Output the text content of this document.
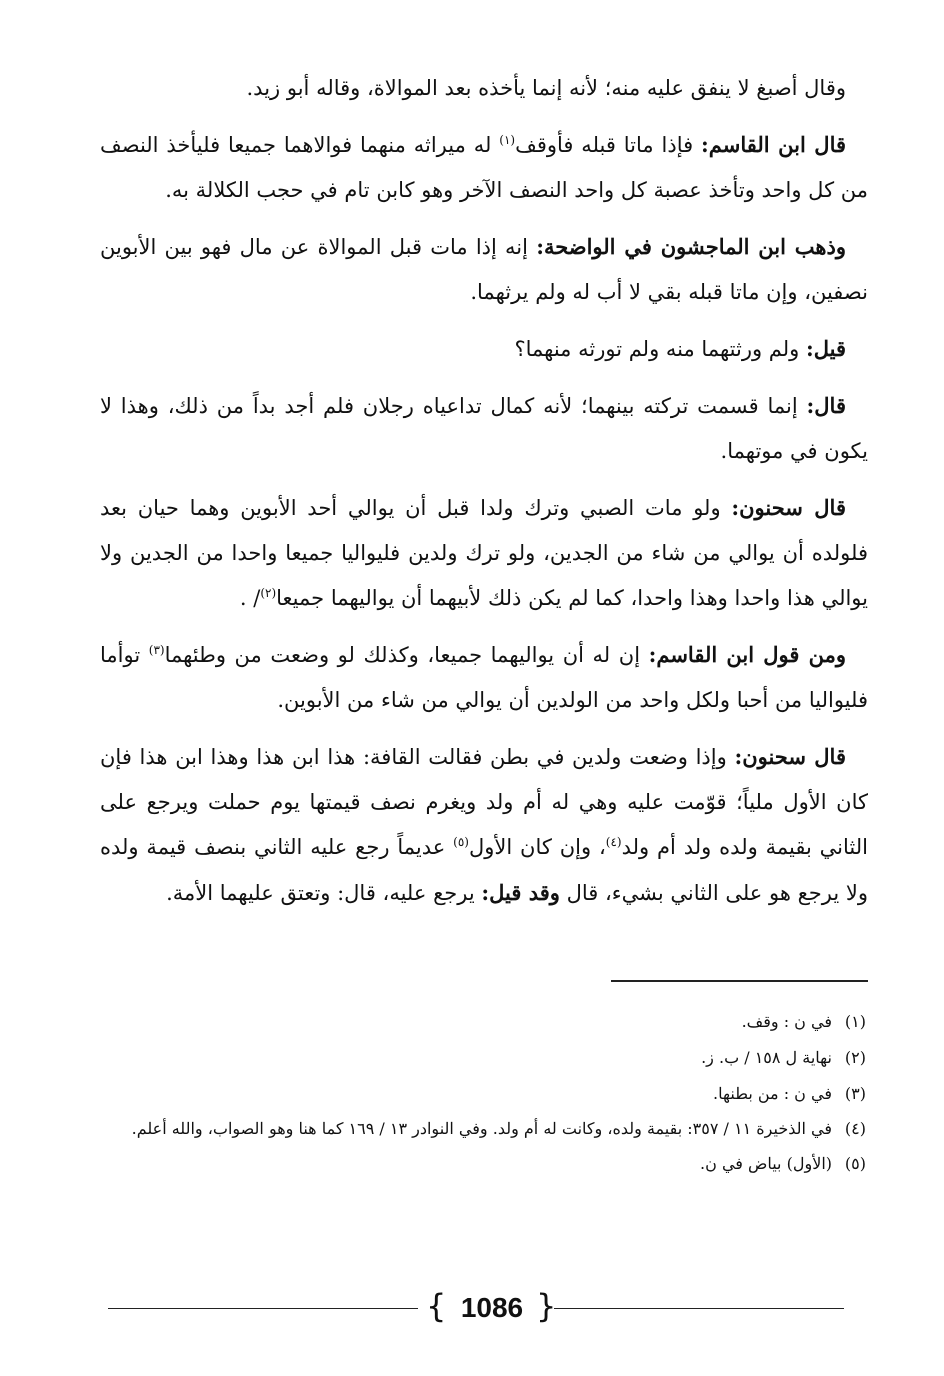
وقال أصبغ لا ينفق عليه منه؛ لأنه إنما يأخذه بعد الموالاة، وقاله أبو زيد.

قال ابن القاسم: فإذا ماتا قبله فأوقف$^{(١)}$ له ميراثه منهما فوالاهما جميعا فليأخذ النصف من كل واحد وتأخذ عصبة كل واحد النصف الآخر وهو كابن تام في حجب الكلالة به.

وذهب ابن الماجشون في الواضحة: إنه إذا مات قبل الموالاة عن مال فهو بين الأبوين نصفين، وإن ماتا قبله بقي لا أب له ولم يرثهما.

قيل: ولم ورثتهما منه ولم تورثه منهما؟

قال: إنما قسمت تركته بينهما؛ لأنه كمال تداعياه رجلان فلم أجد بداً من ذلك، وهذا لا يكون في موتهما.

قال سحنون: ولو مات الصبي وترك ولدا قبل أن يوالي أحد الأبوين وهما حيان بعد فلولده أن يوالي من شاء من الجدين، ولو ترك ولدين فليواليا جميعا واحدا من الجدين ولا يوالي هذا واحدا وهذا واحدا، كما لم يكن ذلك لأبيهما أن يواليهما جميعا$^{(٢)}$/ .

ومن قول ابن القاسم: إن له أن يواليهما جميعا، وكذلك لو وضعت من وطئهما$^{(٣)}$ توأما فليواليا من أحبا ولكل واحد من الولدين أن يوالي من شاء من الأبوين.

قال سحنون: وإذا وضعت ولدين في بطن فقالت القافة: هذا ابن هذا وهذا ابن هذا فإن كان الأول ملياً؛ قوّمت عليه وهي له أم ولد ويغرم نصف قيمتها يوم حملت ويرجع على الثاني بقيمة ولده ولد أم ولد$^{(٤)}$، وإن كان الأول$^{(٥)}$ عديماً رجع عليه الثاني بنصف قيمة ولده ولا يرجع هو على الثاني بشيء، قال وقد قيل: يرجع عليه، قال: وتعتق عليهما الأمة.

(١)في ن : وقف.

(٢)نهاية ل ١٥٨ / ب. ز.

(٣)في ن : من بطنها.

(٤)في الذخيرة ١١ / ٣٥٧: بقيمة ولده، وكانت له أم ولد. وفي النوادر ١٣ / ١٦٩ كما هنا وهو الصواب، والله أعلم.

(٥)(الأول) بياض في ن.

{ 1086 }
